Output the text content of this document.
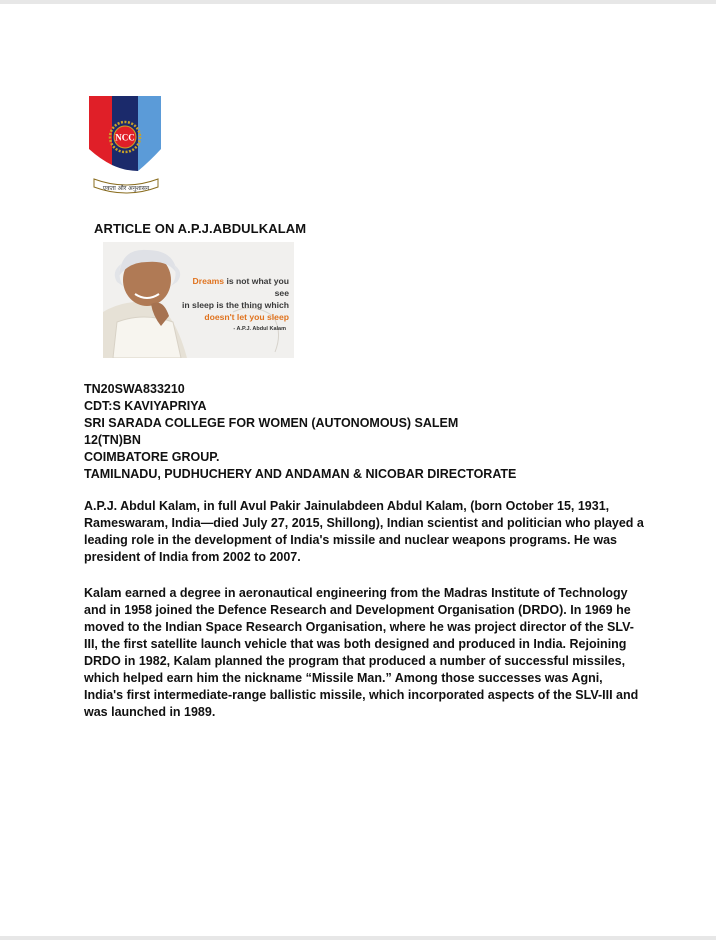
NCC
एकता और अनुशासन
ARTICLE ON A.P.J.ABDULKALAM
Dreams is not what you see
in sleep is the thing which
doesn't let you sleep
- A.P.J. Abdul Kalam
TN20SWA833210
CDT:S KAVIYAPRIYA
SRI SARADA COLLEGE FOR WOMEN (AUTONOMOUS) SALEM
12(TN)BN
COIMBATORE GROUP.
TAMILNADU, PUDHUCHERY AND ANDAMAN & NICOBAR DIRECTORATE

A.P.J. Abdul Kalam, in full Avul Pakir Jainulabdeen Abdul Kalam, (born October 15, 1931, Rameswaram, India—died July 27, 2015, Shillong), Indian scientist and politician who played a leading role in the development of India's missile and nuclear weapons programs. He was president of India from 2002 to 2007.

Kalam earned a degree in aeronautical engineering from the Madras Institute of Technology and in 1958 joined the Defence Research and Development Organisation (DRDO). In 1969 he moved to the Indian Space Research Organisation, where he was project director of the SLV-III, the first satellite launch vehicle that was both designed and produced in India. Rejoining DRDO in 1982, Kalam planned the program that produced a number of successful missiles, which helped earn him the nickname “Missile Man.” Among those successes was Agni, India's first intermediate-range ballistic missile, which incorporated aspects of the SLV-III and was launched in 1989.
